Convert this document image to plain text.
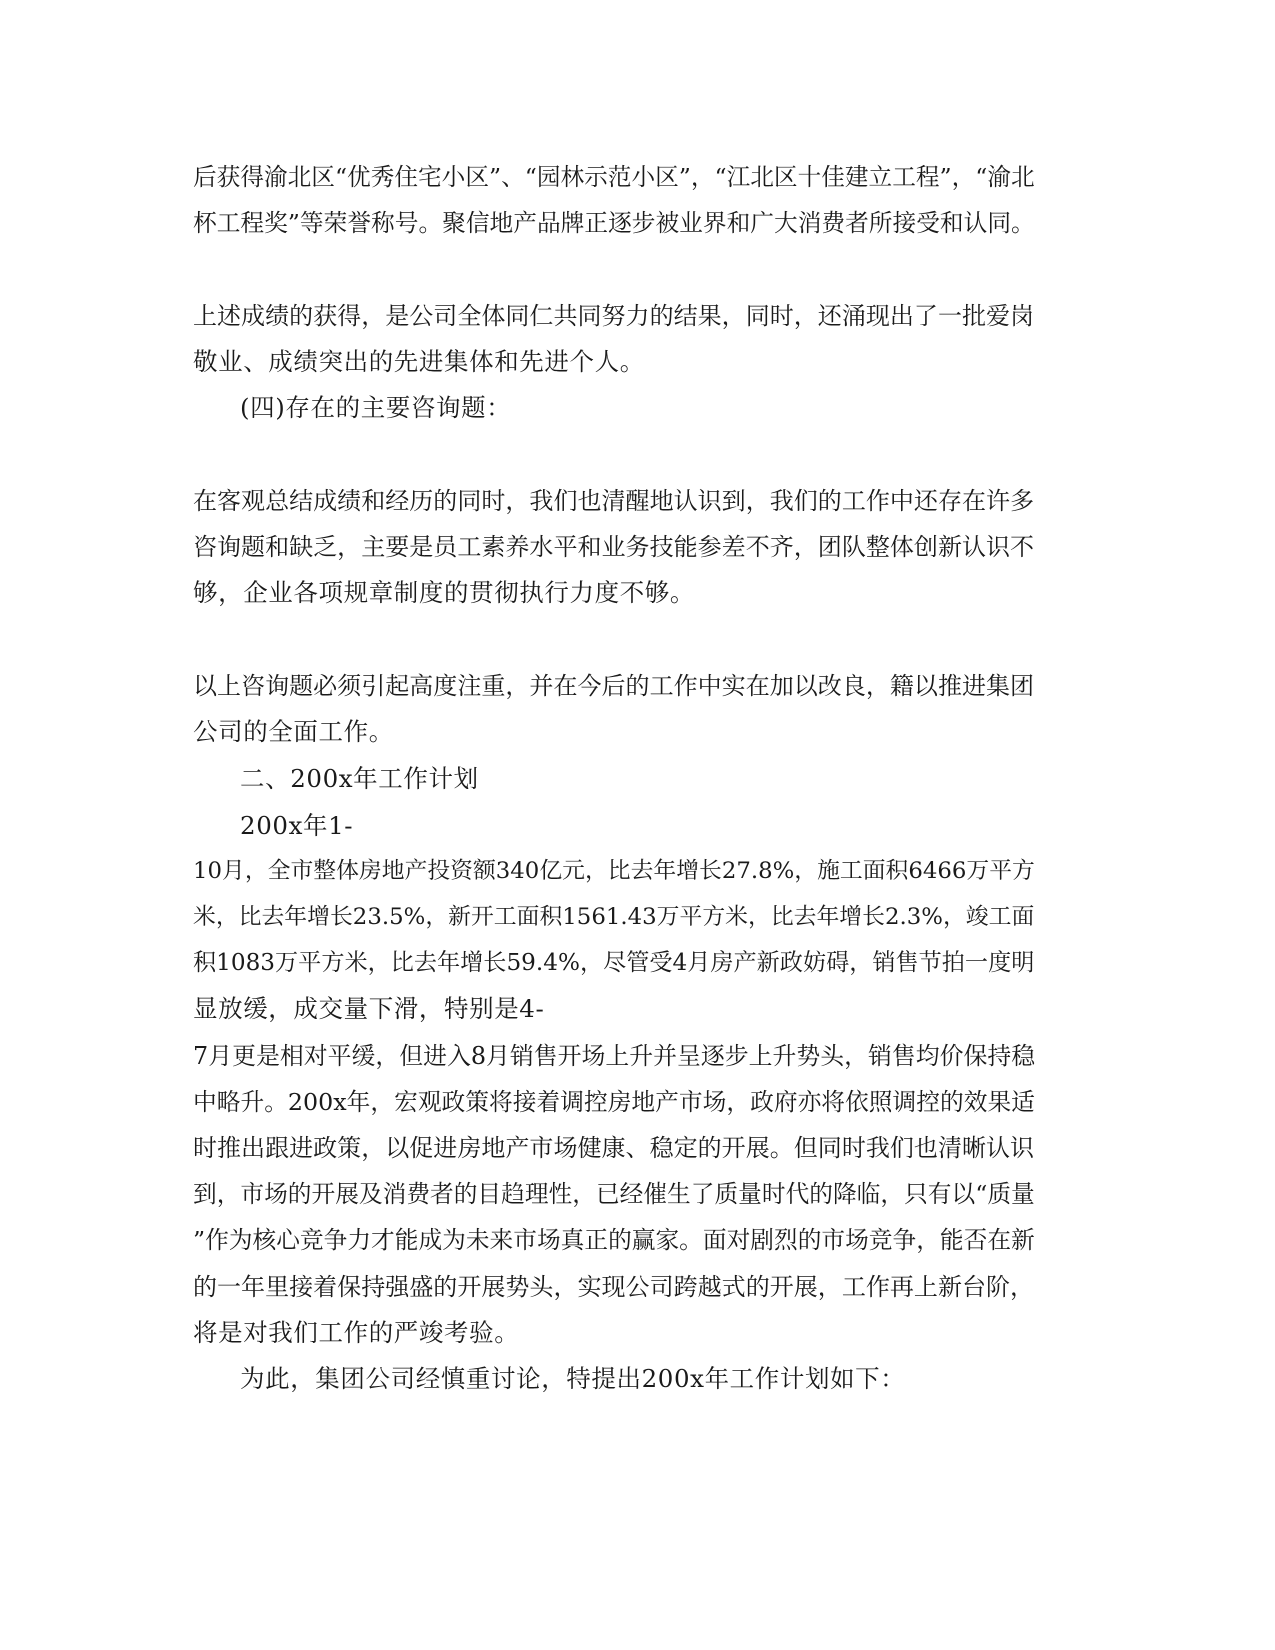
后获得渝北区“优秀住宅小区”、“园林示范小区”，“江北区十佳建立工程”，“渝北
杯工程奖”等荣誉称号。聚信地产品牌正逐步被业界和广大消费者所接受和认同。
上述成绩的获得，是公司全体同仁共同努力的结果，同时，还涌现出了一批爱岗
敬业、成绩突出的先进集体和先进个人。
(四)存在的主要咨询题：
在客观总结成绩和经历的同时，我们也清醒地认识到，我们的工作中还存在许多
咨询题和缺乏，主要是员工素养水平和业务技能参差不齐，团队整体创新认识不
够，企业各项规章制度的贯彻执行力度不够。
以上咨询题必须引起高度注重，并在今后的工作中实在加以改良，籍以推进集团
公司的全面工作。
二、200x年工作计划
200x年1-
10月，全市整体房地产投资额340亿元，比去年增长27.8%，施工面积6466万平方
米，比去年增长23.5%，新开工面积1561.43万平方米，比去年增长2.3%，竣工面
积1083万平方米，比去年增长59.4%，尽管受4月房产新政妨碍，销售节拍一度明
显放缓，成交量下滑，特别是4-
7月更是相对平缓，但进入8月销售开场上升并呈逐步上升势头，销售均价保持稳
中略升。200x年，宏观政策将接着调控房地产市场，政府亦将依照调控的效果适
时推出跟进政策，以促进房地产市场健康、稳定的开展。但同时我们也清晰认识
到，市场的开展及消费者的目趋理性，已经催生了质量时代的降临，只有以“质量
”作为核心竞争力才能成为未来市场真正的赢家。面对剧烈的市场竞争，能否在新
的一年里接着保持强盛的开展势头，实现公司跨越式的开展，工作再上新台阶，
将是对我们工作的严竣考验。
为此，集团公司经慎重讨论，特提出200x年工作计划如下：
